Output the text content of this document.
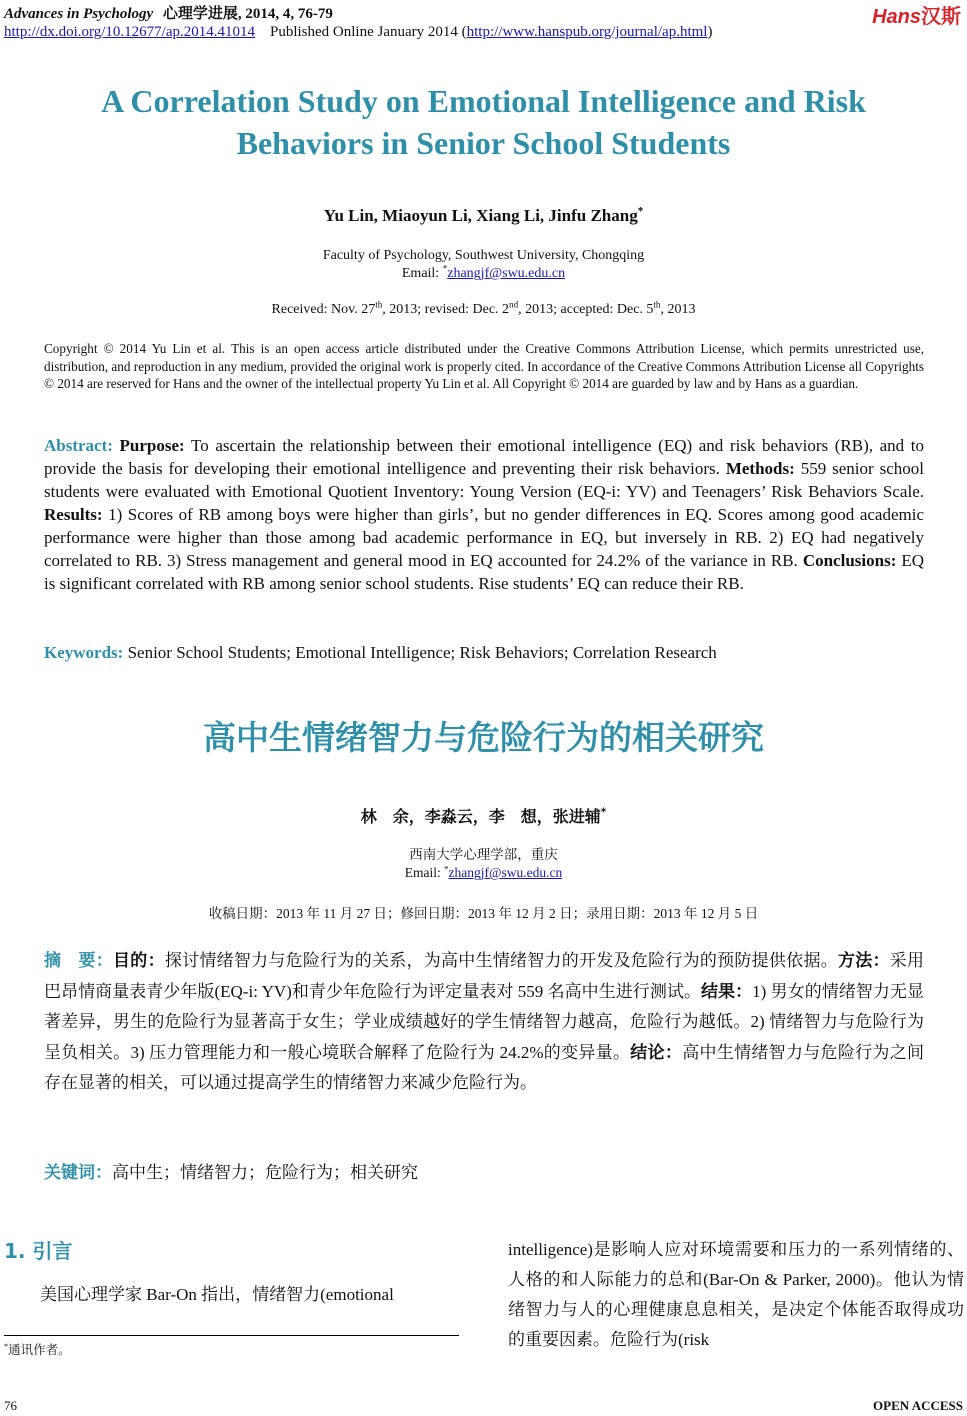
Advances in Psychology 心理学进展, 2014, 4, 76-79
http://dx.doi.org/10.12677/ap.2014.41014 Published Online January 2014 (http://www.hanspub.org/journal/ap.html)
Hans汉斯
A Correlation Study on Emotional Intelligence and Risk Behaviors in Senior School Students
Yu Lin, Miaoyun Li, Xiang Li, Jinfu Zhang*
Faculty of Psychology, Southwest University, Chongqing
Email: *zhangjf@swu.edu.cn
Received: Nov. 27th, 2013; revised: Dec. 2nd, 2013; accepted: Dec. 5th, 2013
Copyright © 2014 Yu Lin et al. This is an open access article distributed under the Creative Commons Attribution License, which permits unrestricted use, distribution, and reproduction in any medium, provided the original work is properly cited. In accordance of the Creative Commons Attribution License all Copyrights © 2014 are reserved for Hans and the owner of the intellectual property Yu Lin et al. All Copyright © 2014 are guarded by law and by Hans as a guardian.
Abstract: Purpose: To ascertain the relationship between their emotional intelligence (EQ) and risk behaviors (RB), and to provide the basis for developing their emotional intelligence and preventing their risk behaviors. Methods: 559 senior school students were evaluated with Emotional Quotient Inventory: Young Version (EQ-i: YV) and Teenagers’ Risk Behaviors Scale. Results: 1) Scores of RB among boys were higher than girls’, but no gender differences in EQ. Scores among good academic performance were higher than those among bad academic performance in EQ, but inversely in RB. 2) EQ had negatively correlated to RB. 3) Stress management and general mood in EQ accounted for 24.2% of the variance in RB. Conclusions: EQ is significant correlated with RB among senior school students. Rise students’ EQ can reduce their RB.
Keywords: Senior School Students; Emotional Intelligence; Risk Behaviors; Correlation Research
高中生情绪智力与危险行为的相关研究
林　余，李淼云，李　想，张进辅*
西南大学心理学部，重庆
Email: *zhangjf@swu.edu.cn
收稿日期：2013 年 11 月 27 日；修回日期：2013 年 12 月 2 日；录用日期：2013 年 12 月 5 日
摘　要：目的：探讨情绪智力与危险行为的关系，为高中生情绪智力的开发及危险行为的预防提供依据。方法：采用巴昂情商量表青少年版(EQ-i: YV)和青少年危险行为评定量表对 559 名高中生进行测试。结果：1) 男女的情绪智力无显著差异，男生的危险行为显著高于女生；学业成绩越好的学生情绪智力越高，危险行为越低。2) 情绪智力与危险行为呈负相关。3) 压力管理能力和一般心境联合解释了危险行为 24.2%的变异量。结论：高中生情绪智力与危险行为之间存在显著的相关，可以通过提高学生的情绪智力来减少危险行为。
关键词：高中生；情绪智力；危险行为；相关研究
1. 引言
美国心理学家 Bar-On 指出，情绪智力(emotional
intelligence)是影响人应对环境需要和压力的一系列情绪的、人格的和人际能力的总和(Bar-On & Parker, 2000)。他认为情绪智力与人的心理健康息息相关，是决定个体能否取得成功的重要因素。危险行为(risk
*通讯作者。
76	OPEN ACCESS
